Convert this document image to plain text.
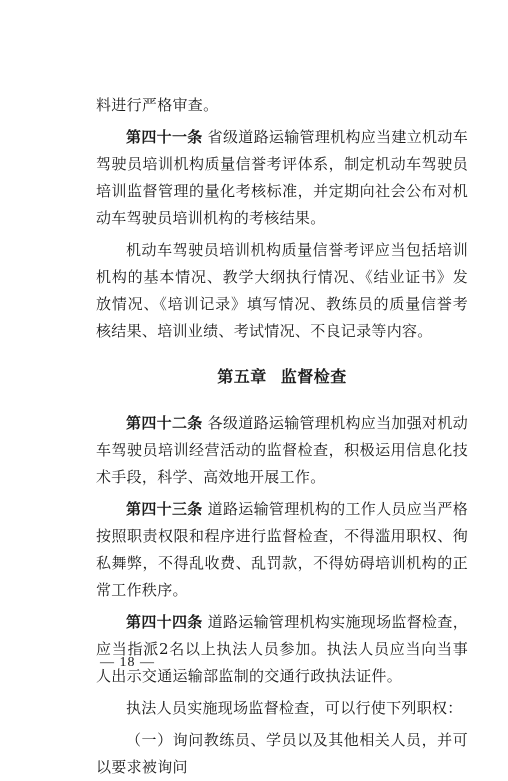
料进行严格审查。

第四十一条 省级道路运输管理机构应当建立机动车驾驶员培训机构质量信誉考评体系，制定机动车驾驶员培训监督管理的量化考核标准，并定期向社会公布对机动车驾驶员培训机构的考核结果。

机动车驾驶员培训机构质量信誉考评应当包括培训机构的基本情况、教学大纲执行情况、《结业证书》发放情况、《培训记录》填写情况、教练员的质量信誉考核结果、培训业绩、考试情况、不良记录等内容。

第五章 监督检查

第四十二条 各级道路运输管理机构应当加强对机动车驾驶员培训经营活动的监督检查，积极运用信息化技术手段，科学、高效地开展工作。

第四十三条 道路运输管理机构的工作人员应当严格按照职责权限和程序进行监督检查，不得滥用职权、徇私舞弊，不得乱收费、乱罚款，不得妨碍培训机构的正常工作秩序。

第四十四条 道路运输管理机构实施现场监督检查，应当指派2名以上执法人员参加。执法人员应当向当事人出示交通运输部监制的交通行政执法证件。

执法人员实施现场监督检查，可以行使下列职权：

（一）询问教练员、学员以及其他相关人员，并可以要求被询问

— 18 —
